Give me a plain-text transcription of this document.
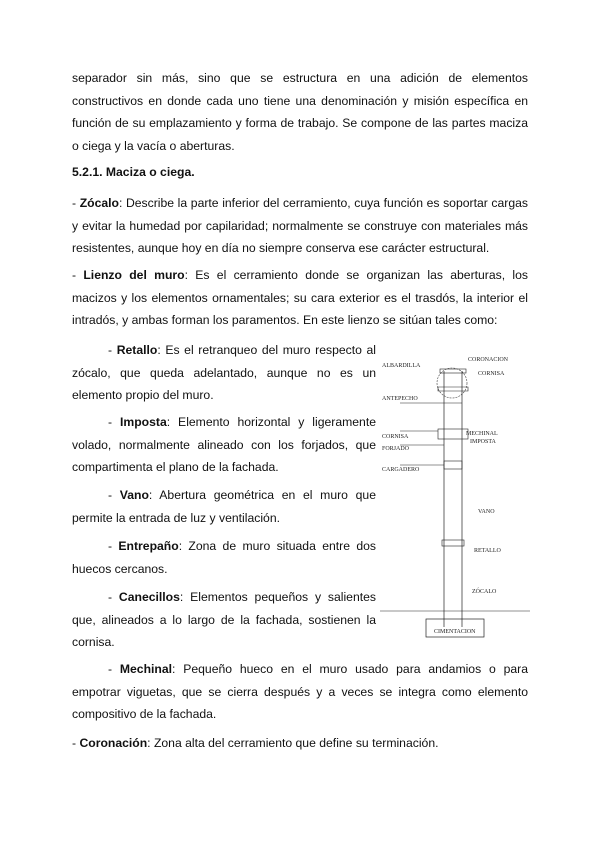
separador sin más, sino que se estructura en una adición de elementos constructivos en donde cada uno tiene una denominación y misión específica en función de su emplazamiento y forma de trabajo. Se compone de las partes maciza o ciega y la vacía o aberturas.

5.2.1. Maciza o ciega.

- Zócalo: Describe la parte inferior del cerramiento, cuya función es soportar cargas y evitar la humedad por capilaridad; normalmente se construye con materiales más resistentes, aunque hoy en día no siempre conserva ese carácter estructural.

- Lienzo del muro: Es el cerramiento donde se organizan las aberturas, los macizos y los elementos ornamentales; su cara exterior es el trasdós, la interior el intradós, y ambas forman los paramentos. En este lienzo se sitúan tales como:

- Retallo: Es el retranqueo del muro respecto al zócalo, que queda adelantado, aunque no es un elemento propio del muro.

- Imposta: Elemento horizontal y ligeramente volado, normalmente alineado con los forjados, que compartimenta el plano de la fachada.

- Vano: Abertura geométrica en el muro que permite la entrada de luz y ventilación.

- Entrepaño: Zona de muro situada entre dos huecos cercanos.

- Canecillos: Elementos pequeños y salientes que, alineados a lo largo de la fachada, sostienen la cornisa.

- Mechinal: Pequeño hueco en el muro usado para andamios o para empotrar viguetas, que se cierra después y a veces se integra como elemento compositivo de la fachada.

- Coronación: Zona alta del cerramiento que define su terminación.

CORONACION
ALBARDILLA
CORNISA
ANTEPECHO
CORNISA
FORJADO
MECHINAL
IMPOSTA
CARGADERO
VANO
RETALLO
ZÓCALO
CIMENTACION
